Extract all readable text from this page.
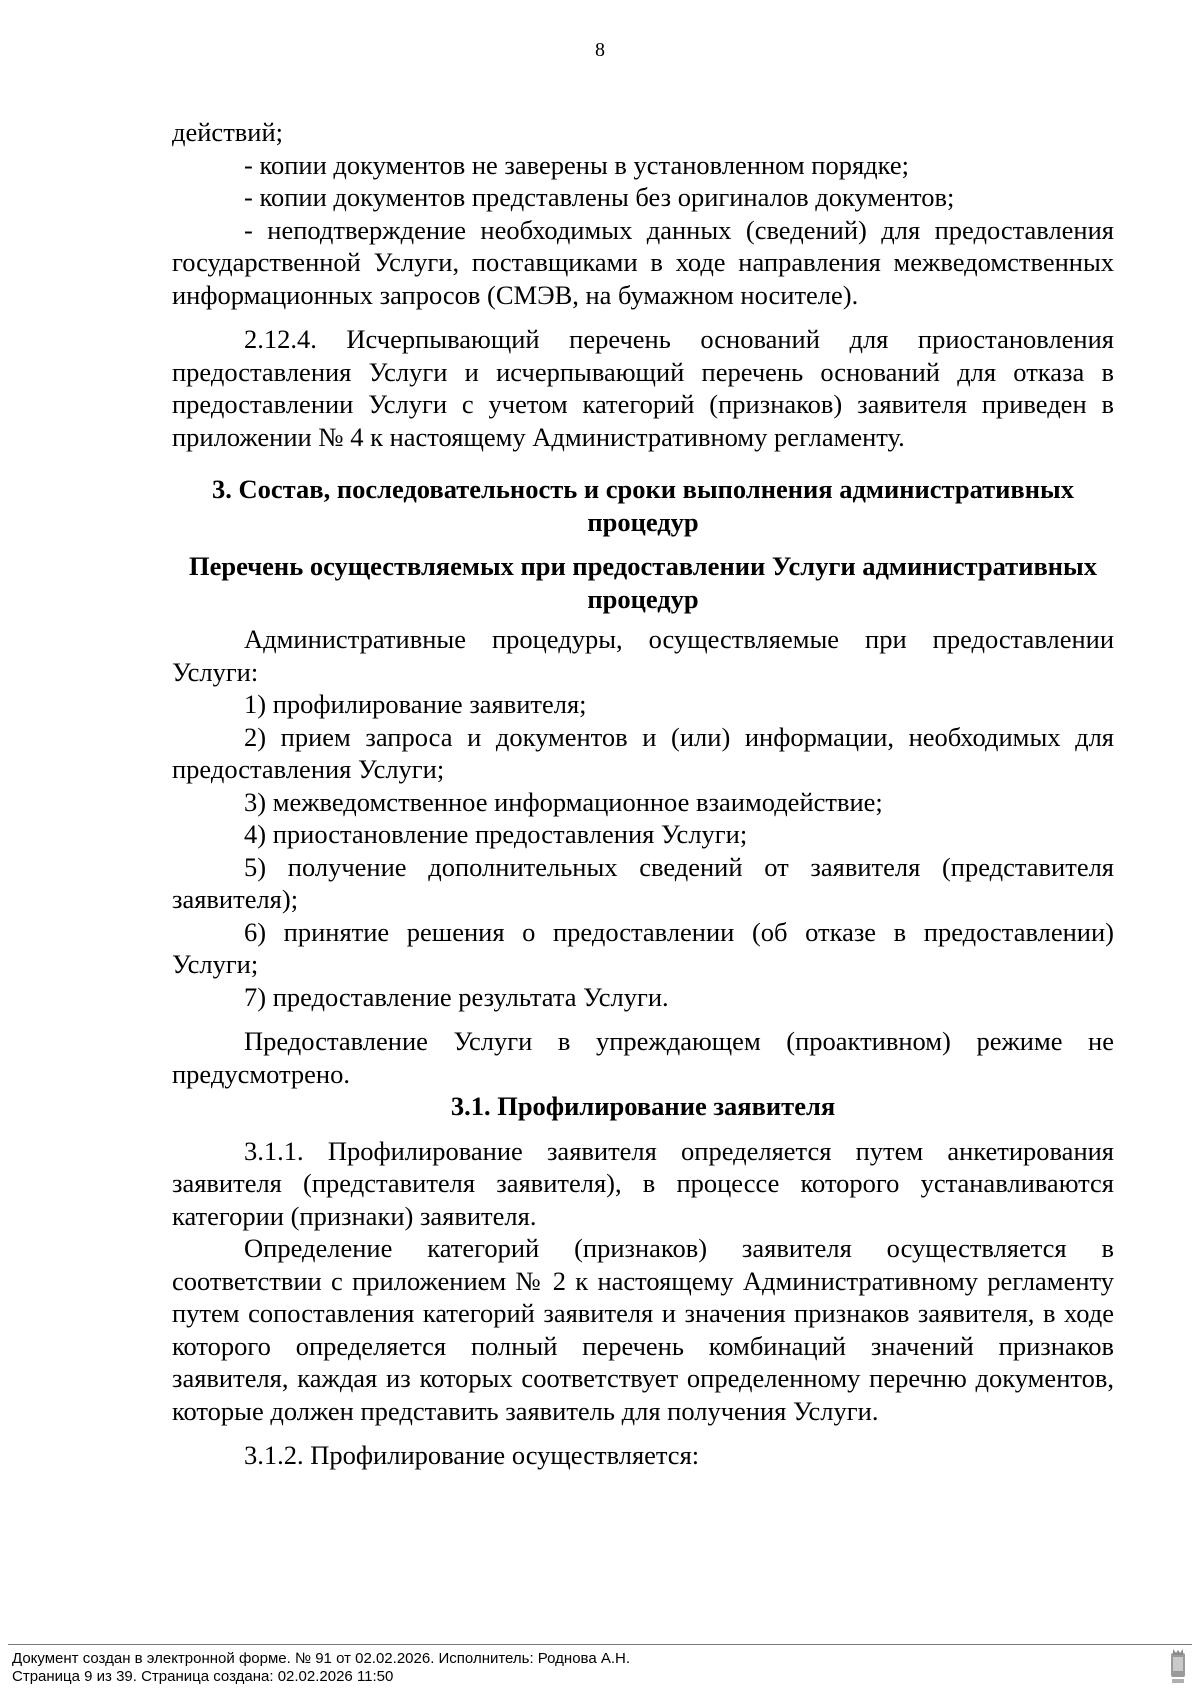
8

действий;

- копии документов не заверены в установленном порядке;

- копии документов представлены без оригиналов документов;

- неподтверждение необходимых данных (сведений) для предоставления государственной Услуги, поставщиками в ходе направления межведомственных информационных запросов (СМЭВ, на бумажном носителе).

2.12.4. Исчерпывающий перечень оснований для приостановления предоставления Услуги и исчерпывающий перечень оснований для отказа в предоставлении Услуги с учетом категорий (признаков) заявителя приведен в приложении № 4 к настоящему Административному регламенту.

3. Состав, последовательность и сроки выполнения административных процедур

Перечень осуществляемых при предоставлении Услуги административных процедур

Административные процедуры, осуществляемые при предоставлении Услуги:

1) профилирование заявителя;

2) прием запроса и документов и (или) информации, необходимых для предоставления Услуги;

3) межведомственное информационное взаимодействие;

4) приостановление предоставления Услуги;

5) получение дополнительных сведений от заявителя (представителя заявителя);

6) принятие решения о предоставлении (об отказе в предоставлении) Услуги;

7) предоставление результата Услуги.

Предоставление Услуги в упреждающем (проактивном) режиме не предусмотрено.

3.1. Профилирование заявителя

3.1.1. Профилирование заявителя определяется путем анкетирования заявителя (представителя заявителя), в процессе которого устанавливаются категории (признаки) заявителя.

Определение категорий (признаков) заявителя осуществляется в соответствии с приложением № 2 к настоящему Административному регламенту путем сопоставления категорий заявителя и значения признаков заявителя, в ходе которого определяется полный перечень комбинаций значений признаков заявителя, каждая из которых соответствует определенному перечню документов, которые должен представить заявитель для получения Услуги.

3.1.2. Профилирование осуществляется:

Документ создан в электронной форме. № 91 от 02.02.2026. Исполнитель: Роднова А.Н.
Страница 9 из 39. Страница создана: 02.02.2026 11:50
